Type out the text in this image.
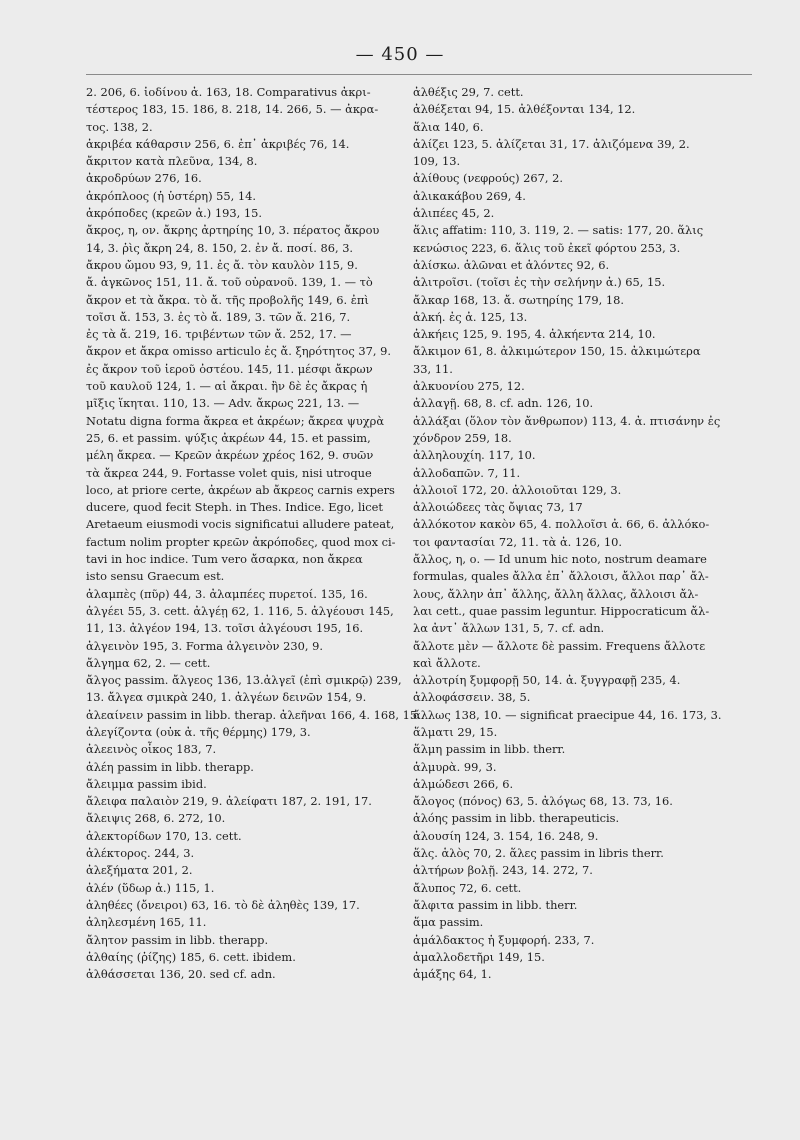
— 450 —
2. 206, 6. ἰοδίνου ἀ. 163, 18. Comparativus ἀκρι-
τέστερος 183, 15. 186, 8. 218, 14. 266, 5. — ἀκρα-
τος. 138, 2.
ἀκριβέα κάθαρσιν 256, 6. ἐπ᾽ ἀκριβές 76, 14.
ἄκριτον κατὰ πλεῦνα, 134, 8.
ἀκροδρύων 276, 16.
ἀκρόπλοος (ἡ ὑστέρη) 55, 14.
ἀκρόποδες (κρεῶν ἀ.) 193, 15.
ἄκρος, η, ον. ἄκρης ἀρτηρίης 10, 3. πέρατος ἄκρου
14, 3. ῥὶς ἄκρη 24, 8. 150, 2. ἐν ἄ. ποσί. 86, 3.
ἄκρου ὤμου 93, 9, 11. ἐς ἄ. τὸν καυλὸν 115, 9.
ἄ. ἀγκῶνος 151, 11. ἄ. τοῦ οὐρανοῦ. 139, 1. — τὸ
ἄκρον et τὰ ἄκρα. τὸ ἄ. τῆς προβολῆς 149, 6. ἐπὶ
τοῖσι ἄ. 153, 3. ἐς τὸ ἄ. 189, 3. τῶν ἄ. 216, 7.
ἐς τὰ ἄ. 219, 16. τριβέντων τῶν ἄ. 252, 17. —
ἄκρον et ἄκρα omisso articulo ἐς ἄ. ξηρότητος 37, 9.
ἐς ἄκρον τοῦ ἱεροῦ ὀστέου. 145, 11. μέσφι ἄκρων
τοῦ καυλοῦ 124, 1. — αἱ ἄκραι. ἢν δὲ ἐς ἄκρας ἡ
μῖξις ἵκηται. 110, 13. — Adv. ἄκρως 221, 13. —
Notatu digna forma ἄκρεα et ἀκρέων; ἄκρεα ψυχρὰ
25, 6. et passim. ψύξις ἀκρέων 44, 15. et passim,
μέλη ἄκρεα. — Κρεῶν ἀκρέων χρέος 162, 9. συῶν
τὰ ἄκρεα 244, 9. Fortasse volet quis, nisi utroque
loco, at priore certe, ἀκρέων ab ἄκρεος carnis expers
ducere, quod fecit Steph. in Thes. Indice. Ego, licet
Aretaeum eiusmodi vocis significatui alludere pateat,
factum nolim propter κρεῶν ἀκρόποδες, quod mox ci-
tavi in hoc indice. Tum vero ἄσαρκα, non ἄκρεα
isto sensu Graecum est.
ἀλαμπὲς (πῦρ) 44, 3. ἀλαμπέες πυρετοί. 135, 16.
ἀλγέει 55, 3. cett. ἀλγέῃ 62, 1. 116, 5. ἀλγέουσι 145,
11, 13. ἀλγέον 194, 13. τοῖσι ἀλγέουσι 195, 16.
ἀλγεινὸν 195, 3. Forma ἀλγεινὸν 230, 9.
ἄλγημα 62, 2. — cett.
ἄλγος passim. ἄλγεος 136, 13.ἀλγεῖ (ἐπὶ σμικρῷ) 239,
13. ἄλγεα σμικρὰ 240, 1. ἀλγέων δεινῶν 154, 9.
ἀλεαίνειν passim in libb. therap. ἀλεῆναι 166, 4. 168, 15.
ἀλεγίζοντα (οὐκ ἀ. τῆς θέρμης) 179, 3.
ἀλεεινὸς οἶκος 183, 7.
ἀλέη passim in libb. therapp.
ἄλειμμα passim ibid.
ἄλειφα παλαιὸν 219, 9. ἀλείφατι 187, 2. 191, 17.
ἄλειψις 268, 6. 272, 10.
ἀλεκτορίδων 170, 13. cett.
ἀλέκτορος. 244, 3.
ἀλεξήματα 201, 2.
ἀλέν (ὕδωρ ἀ.) 115, 1.
ἀληθέες (ὄνειροι) 63, 16. τὸ δὲ ἀληθὲς 139, 17.
ἀληλεσμένη 165, 11.
ἄλητον passim in libb. therapp.
ἀλθαίης (ῥίζης) 185, 6. cett. ibidem.
ἀλθάσσεται 136, 20. sed cf. adn.
ἀλθέξις 29, 7. cett.
ἀλθέξεται 94, 15. ἀλθέξονται 134, 12.
ἅλια 140, 6.
ἀλίζει 123, 5. ἀλίζεται 31, 17. ἀλιζόμενα 39, 2.
109, 13.
ἀλίθους (νεφρούς) 267, 2.
ἀλικακάβου 269, 4.
ἁλιπέες 45, 2.
ἅλις affatim: 110, 3. 119, 2. — satis: 177, 20. ἅλις
κενώσιος 223, 6. ἅλις τοῦ ἐκεῖ φόρτου 253, 3.
ἁλίσκω. ἁλῶναι et ἁλόντες 92, 6.
ἀλιτροῖσι. (τοῖσι ἐς τὴν σελήνην ἀ.) 65, 15.
ἄλκαρ 168, 13. ἄ. σωτηρίης 179, 18.
ἀλκή. ἐς ἀ. 125, 13.
ἀλκήεις 125, 9. 195, 4. ἀλκήεντα 214, 10.
ἄλκιμον 61, 8. ἀλκιμώτερον 150, 15. ἀλκιμώτερα
33, 11.
ἀλκυονίου 275, 12.
ἀλλαγῇ. 68, 8. cf. adn. 126, 10.
ἀλλάξαι (ὅλον τὸν ἄνθρωπον) 113, 4. ἀ. πτισάνην ἐς
χόνδρον 259, 18.
ἀλληλουχίη. 117, 10.
ἀλλοδαπῶν. 7, 11.
ἀλλοιοῖ 172, 20. ἀλλοιοῦται 129, 3.
ἀλλοιώδεες τὰς ὄψιας 73, 17
ἀλλόκοτον κακὸν 65, 4. πολλοῖσι ἀ. 66, 6. ἀλλόκο-
τοι φαντασίαι 72, 11. τὰ ἀ. 126, 10.
ἄλλος, η, ο. — Id unum hic noto, nostrum deamare
formulas, quales ἄλλα ἐπ᾽ ἄλλοισι, ἄλλοι παρ᾽ ἄλ-
λους, ἄλλην ἀπ᾽ ἄλλης, ἄλλη ἄλλας, ἄλλοισι ἄλ-
λαι cett., quae passim leguntur. Hippocraticum ἄλ-
λα ἀντ᾽ ἄλλων 131, 5, 7. cf. adn.
ἄλλοτε μὲν — ἄλλοτε δὲ passim. Frequens ἄλλοτε
καὶ ἄλλοτε.
ἀλλοτρίη ξυμφορῇ 50, 14. ἀ. ξυγγραφῇ 235, 4.
ἀλλοφάσσειν. 38, 5.
ἄλλως 138, 10. — significat praecipue 44, 16. 173, 3.
ἅλματι 29, 15.
ἅλμη passim in libb. therr.
ἁλμυρὰ. 99, 3.
ἁλμώδεσι 266, 6.
ἄλογος (πόνος) 63, 5. ἀλόγως 68, 13. 73, 16.
ἀλόης passim in libb. therapeuticis.
ἀλουσίη 124, 3. 154, 16. 248, 9.
ἅλς. ἁλὸς 70, 2. ἅλες passim in libris therr.
ἀλτήρων βολῇ. 243, 14. 272, 7.
ἄλυπος 72, 6. cett.
ἄλφιτα passim in libb. therr.
ἅμα passim.
ἀμάλδακτος ἡ ξυμφορή. 233, 7.
ἀμαλλοδετῆρι 149, 15.
ἀμάξης 64, 1.
